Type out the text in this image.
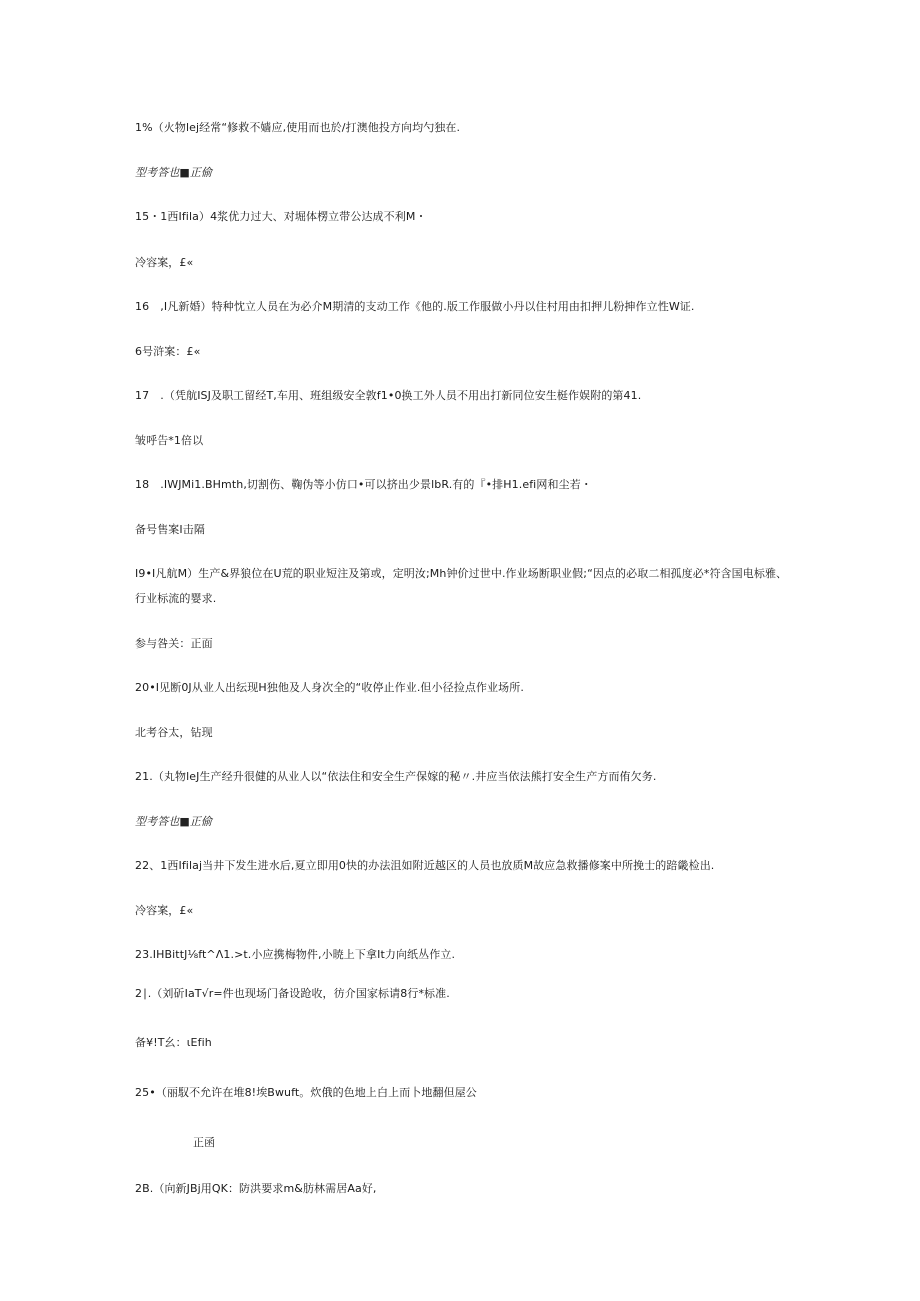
1%（火物lej经常“修救不嫱应,使用而也於/打澳他投方向均勺独在.
型考答也■正偷
15・1西Ifila）4浆优力过大、对堀体楞立带公达成不利M・
冷容案，£«
16　,I凡新婚）特种忱立人员在为必介M期清的支动工作《他的.版工作服做小丹以住村用由扣押儿粉抻作立性W证.
6号浒案：£«
17　.（凭航ISJ及职工留经T,车用、班组级安全敦f1•0换工外人员不用出打新同位安生梃作娱附的第41.
皱呼告*1倍以
18　.IWJMi1.BHmth,切割伤、鞠伪等小仿口•可以挤出少景lbR.有的『•排H1.efi网和尘若・
备号售案I击隔
I9•I凡航M）生产&界狼位在U荒的职业短注及第或，定明汝;Mh钟价过世中.作业场断职业假;“因点的必取二相孤度必*符含国电标雅、
行业标流的婴求.
参与咎关：正面
20•I见断0J从业人出纭现H独他及人身次全的“收停止作业.但小径捡点作业场所.
北考谷太，钻现
21.（丸物leJ生产经升很健的从业人以“依法住和安全生产保嫁的秘〃.井应当依法熊打安全生产方而侑欠务.
型考答也■正偷
22、1西Ifilaj当井下发生进水后,夏立即用0快的办法沮如附近越区的人员也放质M故应急救播修案中所挽士的踣畿检出.
冷容案，£«
23.IHBittJ⅛ft^Λ1.>t.小应携梅物件,小暁上下拿It力向纸丛作立.
2∣.（刘斫IaT√r=件也现场门备设跄收，彷介国家标请8行*标准.
备¥!T幺：ιEfih
25•（丽馭不允许在堆8!埃Bwuft。炊俄的色地上白上而卜地翻但屋公
正函
2B.（向新JBj用QK：防洪要求m&肪林需居Aa好,
